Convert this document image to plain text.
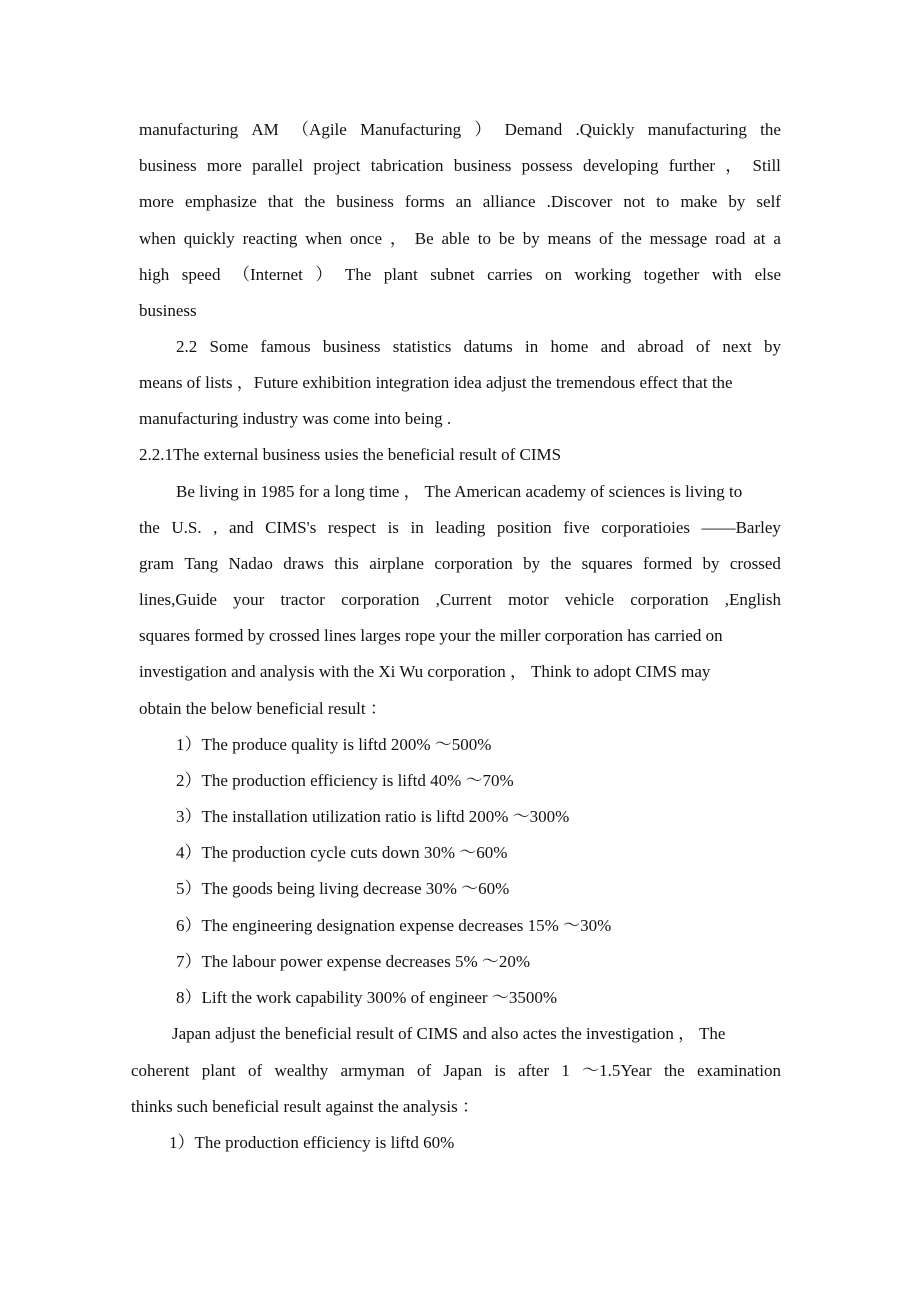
manufacturing AM （Agile Manufacturing ） Demand .Quickly manufacturing the

business more parallel project tabrication business possess developing further ， Still

more emphasize that the business forms an alliance .Discover not to make by self

when quickly reacting when once ， Be able to be by means of the message road at a

high speed （Internet ） The plant subnet carries on working together with else

business

2.2 Some famous business statistics datums in home and abroad of next by

means of lists ，Future exhibition integration idea adjust the tremendous effect that the

manufacturing industry was come into being .

2.2.1The external business usies the beneficial result of CIMS

Be living in 1985 for a long time ， The American academy of sciences is living to

the U.S. , and CIMS's respect is in leading position five corporatioies ——Barley

gram Tang Nadao draws this airplane corporation by the squares formed by crossed

lines,Guide your tractor corporation ,Current motor vehicle corporation ,English

squares formed by crossed lines larges rope your the miller corporation has carried on

investigation and analysis with the Xi Wu corporation ， Think to adopt CIMS may

obtain the below beneficial result ：

1）The produce quality is liftd 200% ～500%

2）The production efficiency is liftd 40% ～70%

3）The installation utilization ratio is liftd 200% ～300%

4）The production cycle cuts down 30% ～60%

5）The goods being living decrease 30% ～60%

6）The engineering designation expense decreases 15% ～30%

7）The labour power expense decreases 5% ～20%

8）Lift the work capability 300% of engineer ～3500%

Japan adjust the beneficial result of CIMS and also actes the investigation ， The

coherent plant of wealthy armyman of Japan is after 1 ～1.5Year the examination

thinks such beneficial result against the analysis ：

1）The production efficiency is liftd 60%
